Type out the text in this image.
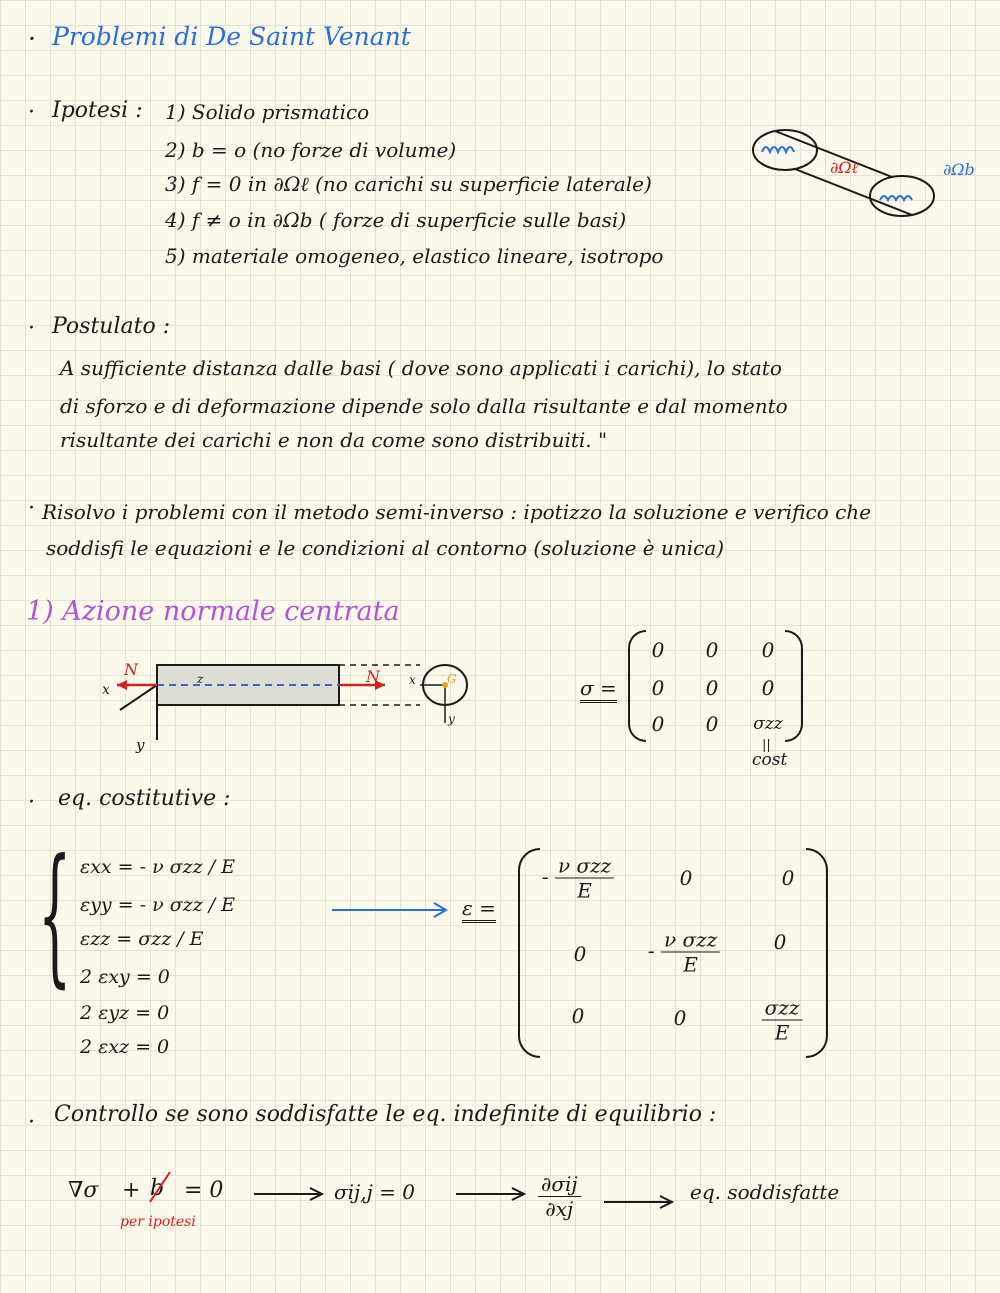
· Problemi di De Saint Venant
· Ipotesi : 1) Solido prismatico
2) b = o (no forze di volume)
3) f = 0 in ∂Ωℓ (no carichi su superficie laterale)
4) f ≠ o in ∂Ωb ( forze di superficie sulle basi)
5) materiale omogeneo, elastico lineare, isotropo
∂Ωℓ	∂Ωb
· Postulato :
A sufficiente distanza dalle basi ( dove sono applicati i carichi), lo stato
di sforzo e di deformazione dipende solo dalla risultante e dal momento
risultante dei carichi e non da come sono distribuiti. "
· Risolvo i problemi con il metodo semi-inverso : ipotizzo la soluzione e verifico che
soddisfi le equazioni e le condizioni al contorno (soluzione è unica)
1) Azione normale centrata
N	N
x
y
z	G
x
y
σ =
0 0 0
0 0 0
0 0 σzz
||
cost
· eq. costitutive :
{ εxx = - ν σzz / E
εyy = - ν σzz / E
εzz = σzz / E
2 εxy = 0
2 εyz = 0
2 εxz = 0
ε =
- $\frac{\text{ν σzz}}{E}$	0	0
0	- $\frac{\text{ν σzz}}{E}$	0
0	0	$\frac{\text{σzz}}{E}$
· Controllo se sono soddisfatte le eq. indefinite di equilibrio :
∇σ + b = 0
per ipotesi
σij,j = 0	$\frac{\text{∂σij}}{\partial xj}$	eq. soddisfatte
